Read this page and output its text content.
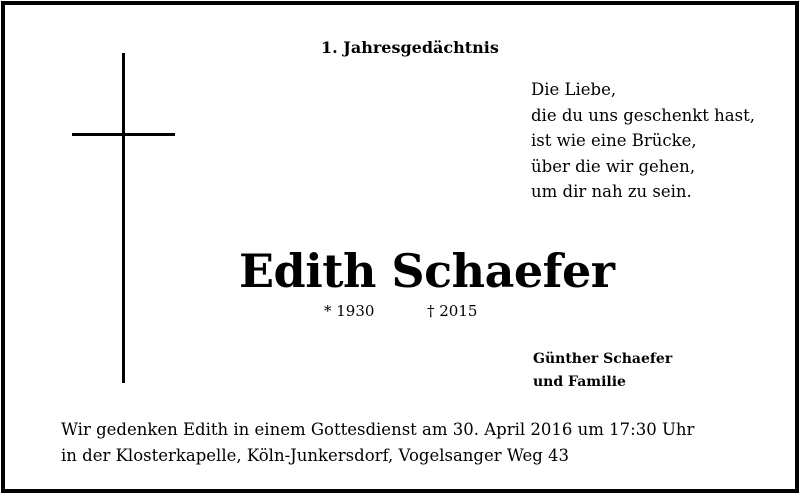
1. Jahresgedächtnis
Die Liebe,
die du uns geschenkt hast,
ist wie eine Brücke,
über die wir gehen,
um dir nah zu sein.
Edith Schaefer
* 1930	† 2015
Günther Schaefer
und Familie
Wir gedenken Edith in einem Gottesdienst am 30. April 2016 um 17:30 Uhr
in der Klosterkapelle, Köln-Junkersdorf, Vogelsanger Weg 43
